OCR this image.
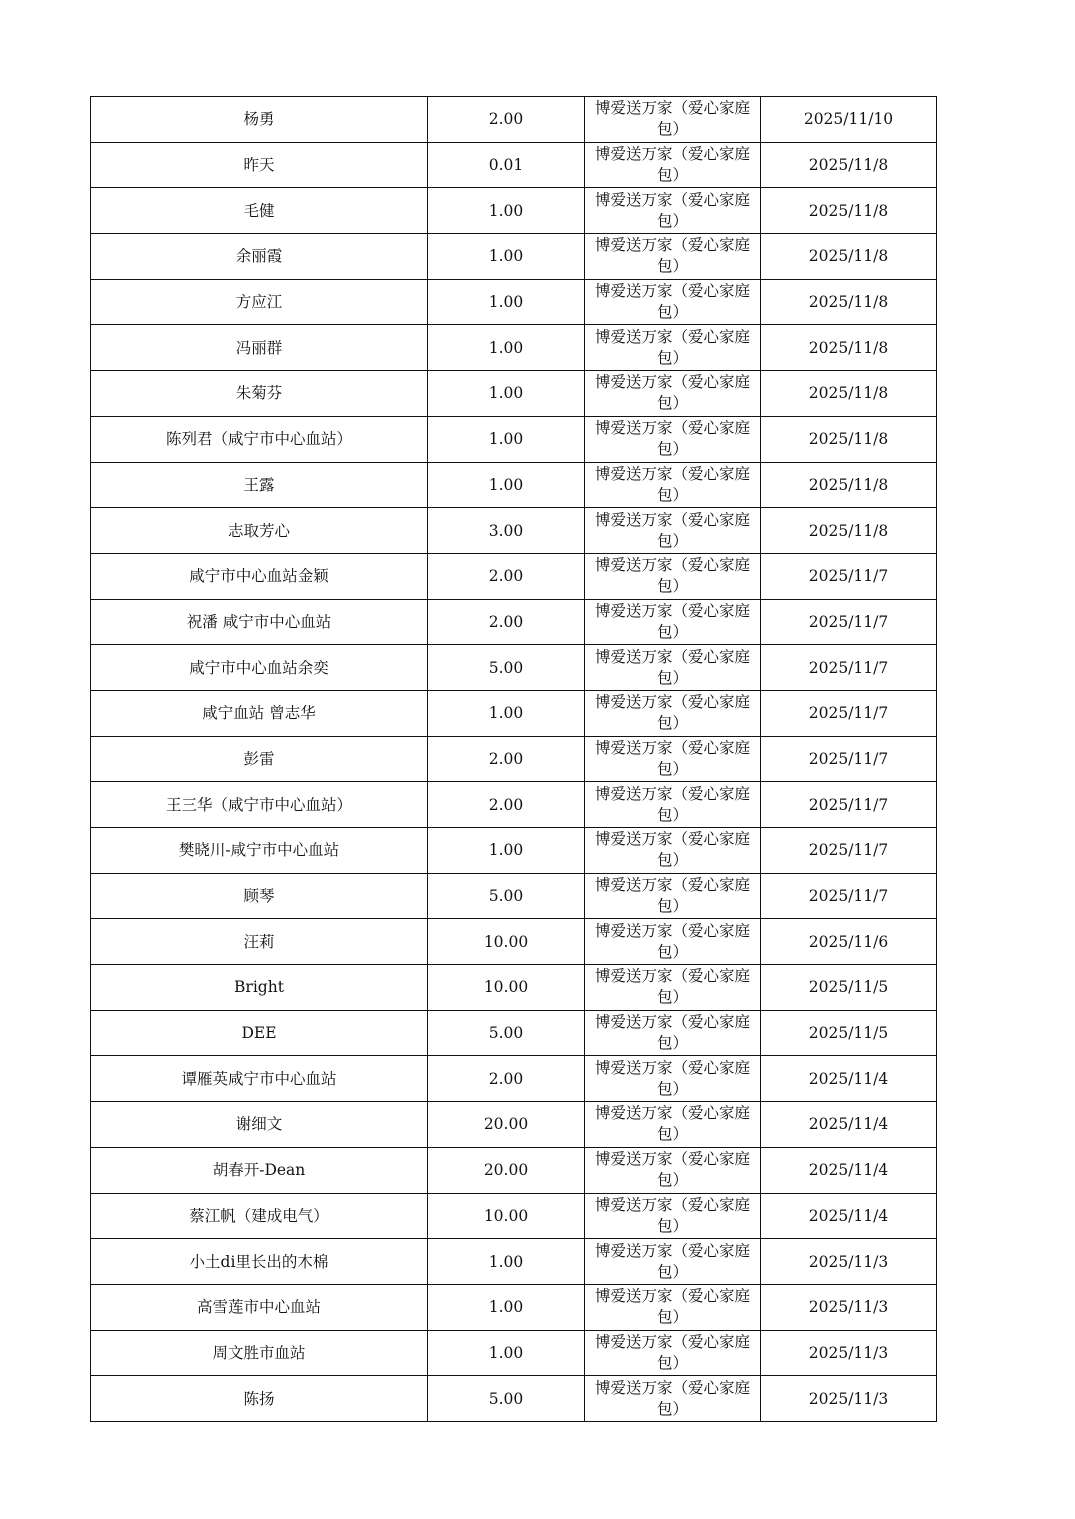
杨勇	2.00	博爱送万家（爱心家庭包）	2025/11/10
昨天	0.01	博爱送万家（爱心家庭包）	2025/11/8
毛健	1.00	博爱送万家（爱心家庭包）	2025/11/8
余丽霞	1.00	博爱送万家（爱心家庭包）	2025/11/8
方应江	1.00	博爱送万家（爱心家庭包）	2025/11/8
冯丽群	1.00	博爱送万家（爱心家庭包）	2025/11/8
朱菊芬	1.00	博爱送万家（爱心家庭包）	2025/11/8
陈列君（咸宁市中心血站）	1.00	博爱送万家（爱心家庭包）	2025/11/8
王露	1.00	博爱送万家（爱心家庭包）	2025/11/8
志取芳心	3.00	博爱送万家（爱心家庭包）	2025/11/8
咸宁市中心血站金颖	2.00	博爱送万家（爱心家庭包）	2025/11/7
祝潘 咸宁市中心血站	2.00	博爱送万家（爱心家庭包）	2025/11/7
咸宁市中心血站余奕	5.00	博爱送万家（爱心家庭包）	2025/11/7
咸宁血站 曾志华	1.00	博爱送万家（爱心家庭包）	2025/11/7
彭雷	2.00	博爱送万家（爱心家庭包）	2025/11/7
王三华（咸宁市中心血站）	2.00	博爱送万家（爱心家庭包）	2025/11/7
樊晓川-咸宁市中心血站	1.00	博爱送万家（爱心家庭包）	2025/11/7
顾琴	5.00	博爱送万家（爱心家庭包）	2025/11/7
汪莉	10.00	博爱送万家（爱心家庭包）	2025/11/6
Bright	10.00	博爱送万家（爱心家庭包）	2025/11/5
DEE	5.00	博爱送万家（爱心家庭包）	2025/11/5
谭雁英咸宁市中心血站	2.00	博爱送万家（爱心家庭包）	2025/11/4
谢细文	20.00	博爱送万家（爱心家庭包）	2025/11/4
胡春开-Dean	20.00	博爱送万家（爱心家庭包）	2025/11/4
蔡江帆（建成电气）	10.00	博爱送万家（爱心家庭包）	2025/11/4
小土di里长出的木棉	1.00	博爱送万家（爱心家庭包）	2025/11/3
高雪莲市中心血站	1.00	博爱送万家（爱心家庭包）	2025/11/3
周文胜市血站	1.00	博爱送万家（爱心家庭包）	2025/11/3
陈扬	5.00	博爱送万家（爱心家庭包）	2025/11/3
